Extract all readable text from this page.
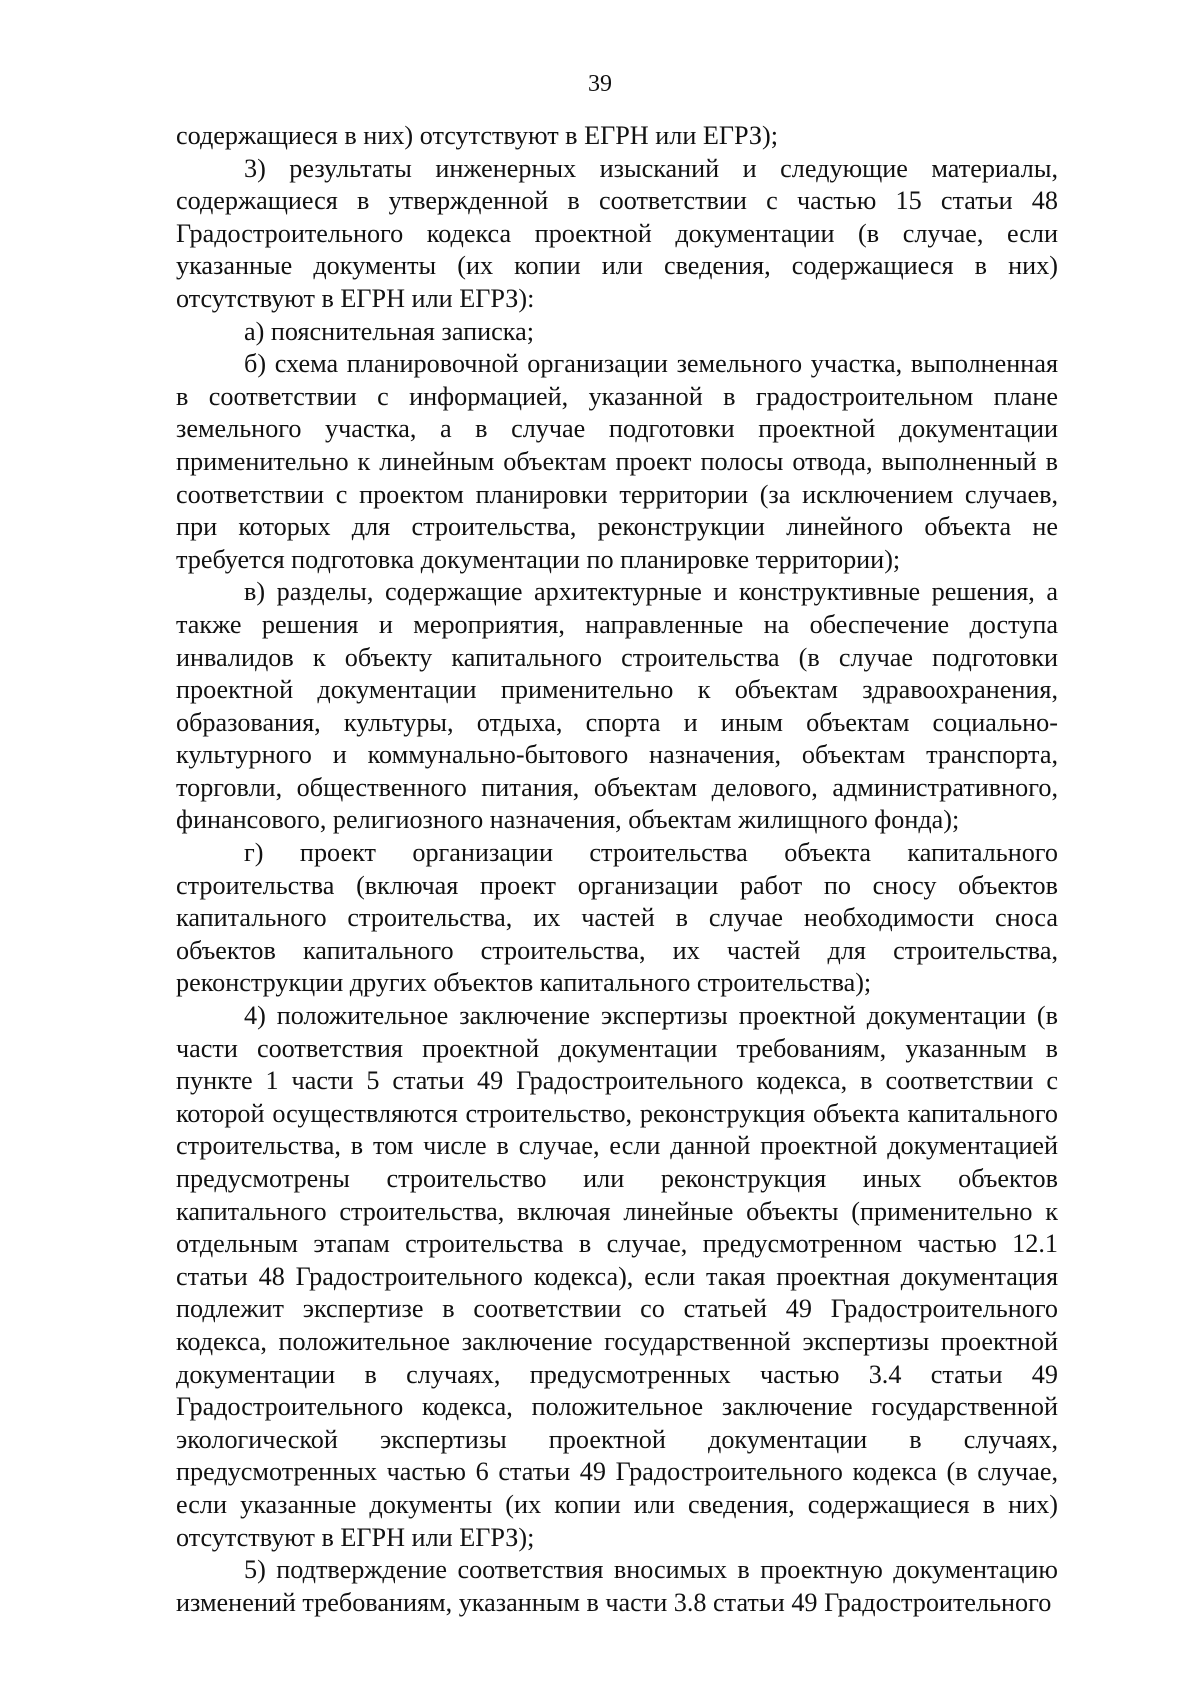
39

содержащиеся в них) отсутствуют в ЕГРН или ЕГРЗ);

3) результаты инженерных изысканий и следующие материалы, содержащиеся в утвержденной в соответствии с частью 15 статьи 48 Градостроительного кодекса проектной документации (в случае, если указанные документы (их копии или сведения, содержащиеся в них) отсутствуют в ЕГРН или ЕГРЗ):

а) пояснительная записка;

б) схема планировочной организации земельного участка, выполненная в соответствии с информацией, указанной в градостроительном плане земельного участка, а в случае подготовки проектной документации применительно к линейным объектам проект полосы отвода, выполненный в соответствии с проектом планировки территории (за исключением случаев, при которых для строительства, реконструкции линейного объекта не требуется подготовка документации по планировке территории);

в) разделы, содержащие архитектурные и конструктивные решения, а также решения и мероприятия, направленные на обеспечение доступа инвалидов к объекту капитального строительства (в случае подготовки проектной документации применительно к объектам здравоохранения, образования, культуры, отдыха, спорта и иным объектам социально-культурного и коммунально-бытового назначения, объектам транспорта, торговли, общественного питания, объектам делового, административного, финансового, религиозного назначения, объектам жилищного фонда);

г) проект организации строительства объекта капитального строительства (включая проект организации работ по сносу объектов капитального строительства, их частей в случае необходимости сноса объектов капитального строительства, их частей для строительства, реконструкции других объектов капитального строительства);

4) положительное заключение экспертизы проектной документации (в части соответствия проектной документации требованиям, указанным в пункте 1 части 5 статьи 49 Градостроительного кодекса, в соответствии с которой осуществляются строительство, реконструкция объекта капитального строительства, в том числе в случае, если данной проектной документацией предусмотрены строительство или реконструкция иных объектов капитального строительства, включая линейные объекты (применительно к отдельным этапам строительства в случае, предусмотренном частью 12.1 статьи 48 Градостроительного кодекса), если такая проектная документация подлежит экспертизе в соответствии со статьей 49 Градостроительного кодекса, положительное заключение государственной экспертизы проектной документации в случаях, предусмотренных частью 3.4 статьи 49 Градостроительного кодекса, положительное заключение государственной экологической экспертизы проектной документации в случаях, предусмотренных частью 6 статьи 49 Градостроительного кодекса (в случае, если указанные документы (их копии или сведения, содержащиеся в них) отсутствуют в ЕГРН или ЕГРЗ);

5) подтверждение соответствия вносимых в проектную документацию изменений требованиям, указанным в части 3.8 статьи 49 Градостроительного
